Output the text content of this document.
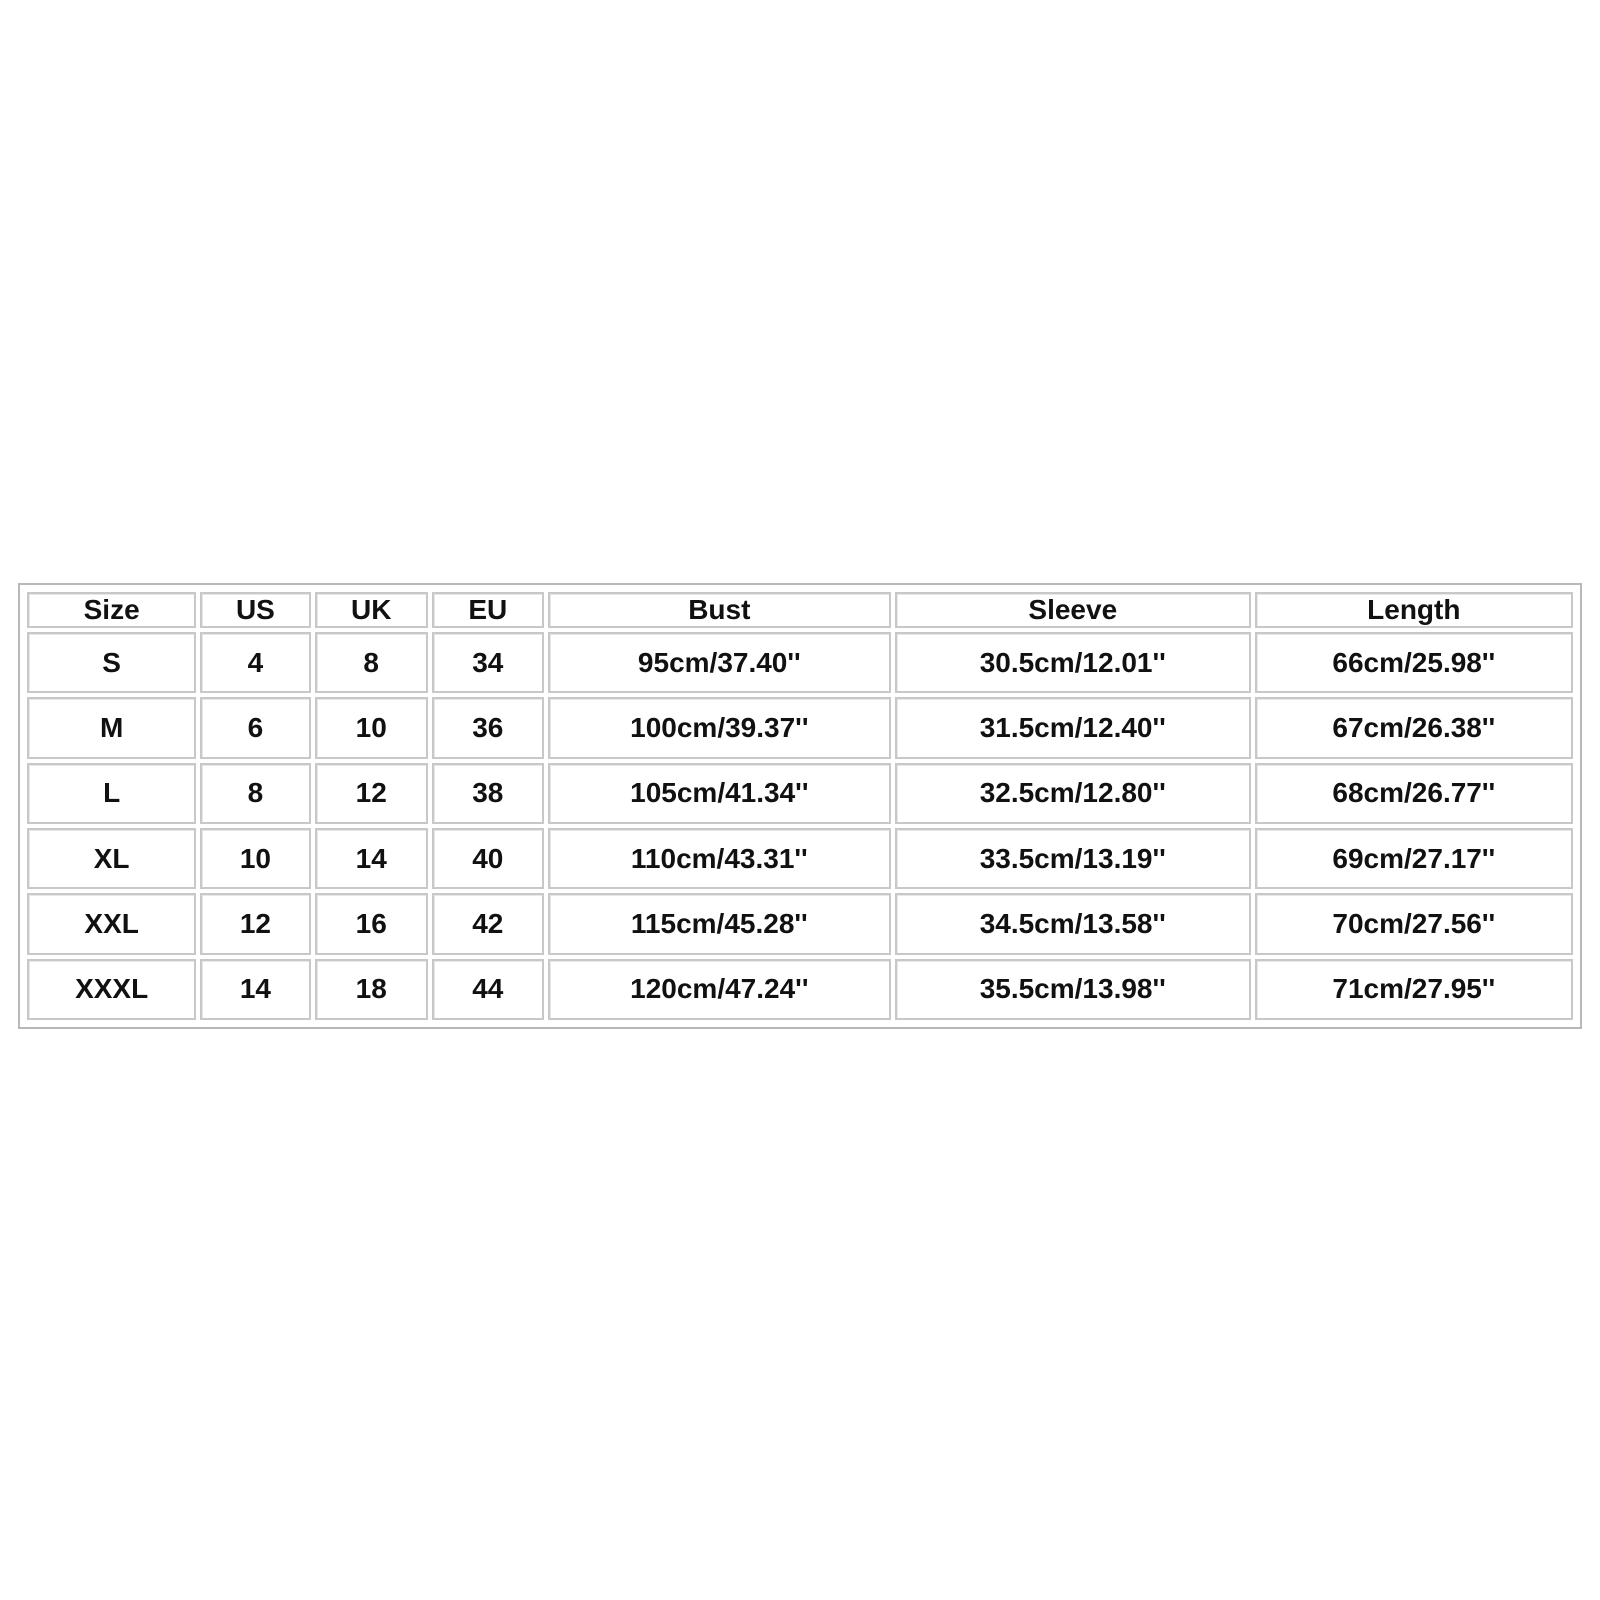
Size	US	UK	EU	Bust	Sleeve	Length
S	4	8	34	95cm/37.40''	30.5cm/12.01''	66cm/25.98''
M	6	10	36	100cm/39.37''	31.5cm/12.40''	67cm/26.38''
L	8	12	38	105cm/41.34''	32.5cm/12.80''	68cm/26.77''
XL	10	14	40	110cm/43.31''	33.5cm/13.19''	69cm/27.17''
XXL	12	16	42	115cm/45.28''	34.5cm/13.58''	70cm/27.56''
XXXL	14	18	44	120cm/47.24''	35.5cm/13.98''	71cm/27.95''
